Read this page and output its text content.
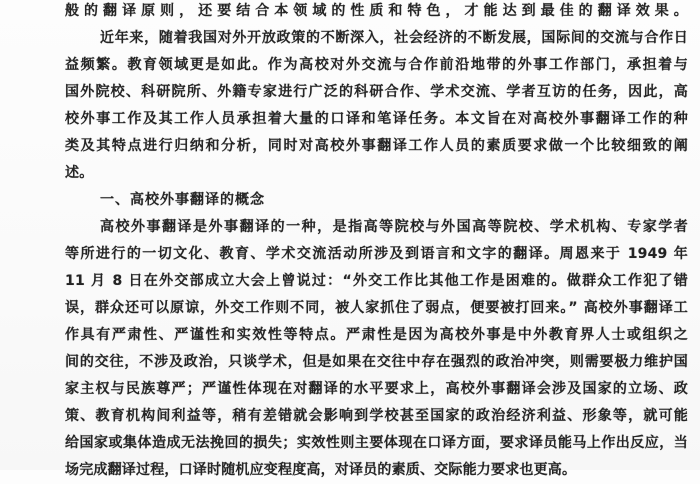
般的翻译原则，还要结合本领域的性质和特色，才能达到最佳的翻译效果。
近年来，随着我国对外开放政策的不断深入，社会经济的不断发展，国际间的交流与合作日
益频繁。教育领域更是如此。作为高校对外交流与合作前沿地带的外事工作部门，承担着与
国外院校、科研院所、外籍专家进行广泛的科研合作、学术交流、学者互访的任务，因此，高
校外事工作及其工作人员承担着大量的口译和笔译任务。本文旨在对高校外事翻译工作的种
类及其特点进行归纳和分析，同时对高校外事翻译工作人员的素质要求做一个比较细致的阐
述。
一、高校外事翻译的概念
高校外事翻译是外事翻译的一种，是指高等院校与外国高等院校、学术机构、专家学者
等所进行的一切文化、教育、学术交流活动所涉及到语言和文字的翻译。周恩来于 1949 年
11 月 8 日在外交部成立大会上曾说过：“外交工作比其他工作是困难的。做群众工作犯了错
误，群众还可以原谅，外交工作则不同，被人家抓住了弱点，便要被打回来。” 高校外事翻译工
作具有严肃性、严谨性和实效性等特点。严肃性是因为高校外事是中外教育界人士或组织之
间的交往，不涉及政治，只谈学术，但是如果在交往中存在强烈的政治冲突，则需要极力维护国
家主权与民族尊严；严谨性体现在对翻译的水平要求上，高校外事翻译会涉及国家的立场、政
策、教育机构间利益等，稍有差错就会影响到学校甚至国家的政治经济利益、形象等，就可能
给国家或集体造成无法挽回的损失；实效性则主要体现在口译方面，要求译员能马上作出反应，当
场完成翻译过程，口译时随机应变程度高，对译员的素质、交际能力要求也更高。
